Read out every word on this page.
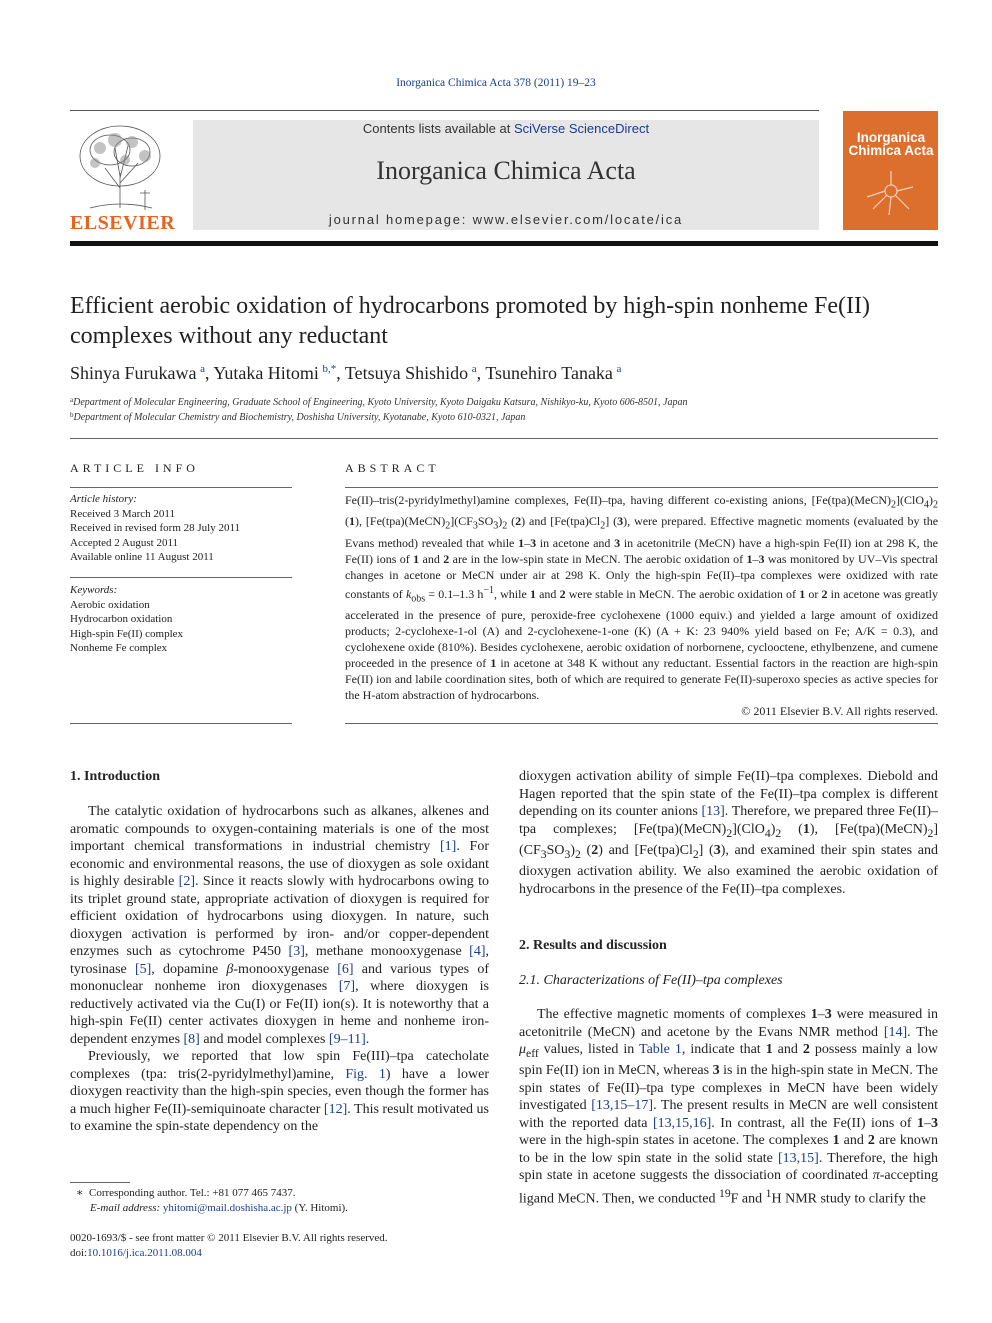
Inorganica Chimica Acta 378 (2011) 19–23
ELSEVIER
Contents lists available at SciVerse ScienceDirect
Inorganica Chimica Acta
journal homepage: www.elsevier.com/locate/ica
Inorganica Chimica Acta
Efficient aerobic oxidation of hydrocarbons promoted by high-spin nonheme Fe(II) complexes without any reductant
Shinya Furukawa  $^a$, Yutaka Hitomi  $^{b,*}$, Tetsuya Shishido  $^a$, Tsunehiro Tanaka  $^a$
$^a$Department of Molecular Engineering, Graduate School of Engineering, Kyoto University, Kyoto Daigaku Katsura, Nishikyo-ku, Kyoto 606-8501, Japan
$^b$Department of Molecular Chemistry and Biochemistry, Doshisha University, Kyotanabe, Kyoto 610-0321, Japan
ARTICLE INFO
Article history:
Received 3 March 2011
Received in revised form 28 July 2011
Accepted 2 August 2011
Available online 11 August 2011
Keywords:
Aerobic oxidation
Hydrocarbon oxidation
High-spin Fe(II) complex
Nonheme Fe complex
ABSTRACT
Fe(II)–tris(2-pyridylmethyl)amine complexes, Fe(II)–tpa, having different co-existing anions, $[Fe(tpa)(MeCN)_2](ClO_4)_2$ (1), $[Fe(tpa)(MeCN)_2](CF_3SO_3)_2$ (2) and $[Fe(tpa)Cl_2]$ (3), were prepared. Effective magnetic moments (evaluated by the Evans method) revealed that while 1–3 in acetone and 3 in acetonitrile (MeCN) have a high-spin Fe(II) ion at 298 K, the Fe(II) ions of 1 and 2 are in the low-spin state in MeCN. The aerobic oxidation of 1–3 was monitored by UV–Vis spectral changes in acetone or MeCN under air at 298 K. Only the high-spin Fe(II)–tpa complexes were oxidized with rate constants of $k_{obs} = 0.1-1.3$ $h^{-1}$, while 1 and 2 were stable in MeCN. The aerobic oxidation of 1 or 2 in acetone was greatly accelerated in the presence of pure, peroxide-free cyclohexene (1000 equiv.) and yielded a large amount of oxidized products; 2-cyclohexe-1-ol (A) and 2-cyclohexene-1-one (K) (A + K: 23 940% yield based on Fe; A/K = 0.3), and cyclohexene oxide (810%). Besides cyclohexene, aerobic oxidation of norbornene, cyclooctene, ethylbenzene, and cumene proceeded in the presence of 1 in acetone at 348 K without any reductant. Essential factors in the reaction are high-spin Fe(II) ion and labile coordination sites, both of which are required to generate Fe(II)-superoxo species as active species for the H-atom abstraction of hydrocarbons.
© 2011 Elsevier B.V. All rights reserved.
1. Introduction

The catalytic oxidation of hydrocarbons such as alkanes, alkenes and aromatic compounds to oxygen-containing materials is one of the most important chemical transformations in industrial chemistry [1]. For economic and environmental reasons, the use of dioxygen as sole oxidant is highly desirable [2]. Since it reacts slowly with hydrocarbons owing to its triplet ground state, appropriate activation of dioxygen is required for efficient oxidation of hydrocarbons using dioxygen. In nature, such dioxygen activation is performed by iron- and/or copper-dependent enzymes such as cytochrome P450 [3], methane monooxygenase [4], tyrosinase [5], dopamine β-monooxygenase [6] and various types of mononuclear nonheme iron dioxygenases [7], where dioxygen is reductively activated via the Cu(I) or Fe(II) ion(s). It is noteworthy that a high-spin Fe(II) center activates dioxygen in heme and nonheme iron-dependent enzymes [8] and model complexes [9–11].

Previously, we reported that low spin Fe(III)–tpa catecholate complexes (tpa: tris(2-pyridylmethyl)amine, Fig. 1) have a lower dioxygen reactivity than the high-spin species, even though the former has a much higher Fe(II)-semiquinoate character [12]. This result motivated us to examine the spin-state dependency on the

∗  Corresponding author. Tel.: +81 077 465 7437.
E-mail address: yhitomi@mail.doshisha.ac.jp (Y. Hitomi).
0020-1693/$ - see front matter © 2011 Elsevier B.V. All rights reserved.
doi:10.1016/j.ica.2011.08.004

dioxygen activation ability of simple Fe(II)–tpa complexes. Diebold and Hagen reported that the spin state of the Fe(II)–tpa complex is different depending on its counter anions [13]. Therefore, we prepared three Fe(II)–tpa complexes; $[Fe(tpa)(MeCN)_2](ClO_4)_2$ (1), $[Fe(tpa)(MeCN)_2](CF_3SO_3)_2$ (2) and $[Fe(tpa)Cl_2]$ (3), and examined their spin states and dioxygen activation ability. We also examined the aerobic oxidation of hydrocarbons in the presence of the Fe(II)–tpa complexes.

2. Results and discussion
2.1. Characterizations of Fe(II)–tpa complexes

The effective magnetic moments of complexes 1–3 were measured in acetonitrile (MeCN) and acetone by the Evans NMR method [14]. The $\mu_{eff}$ values, listed in Table 1, indicate that 1 and 2 possess mainly a low spin Fe(II) ion in MeCN, whereas 3 is in the high-spin state in MeCN. The spin states of Fe(II)–tpa type complexes in MeCN have been widely investigated [13,15–17]. The present results in MeCN are well consistent with the reported data [13,15,16]. In contrast, all the Fe(II) ions of 1–3 were in the high-spin states in acetone. The complexes 1 and 2 are known to be in the low spin state in the solid state [13,15]. Therefore, the high spin state in acetone suggests the dissociation of coordinated π-accepting ligand MeCN. Then, we conducted $^{19}$F and $^1$H NMR study to clarify the
